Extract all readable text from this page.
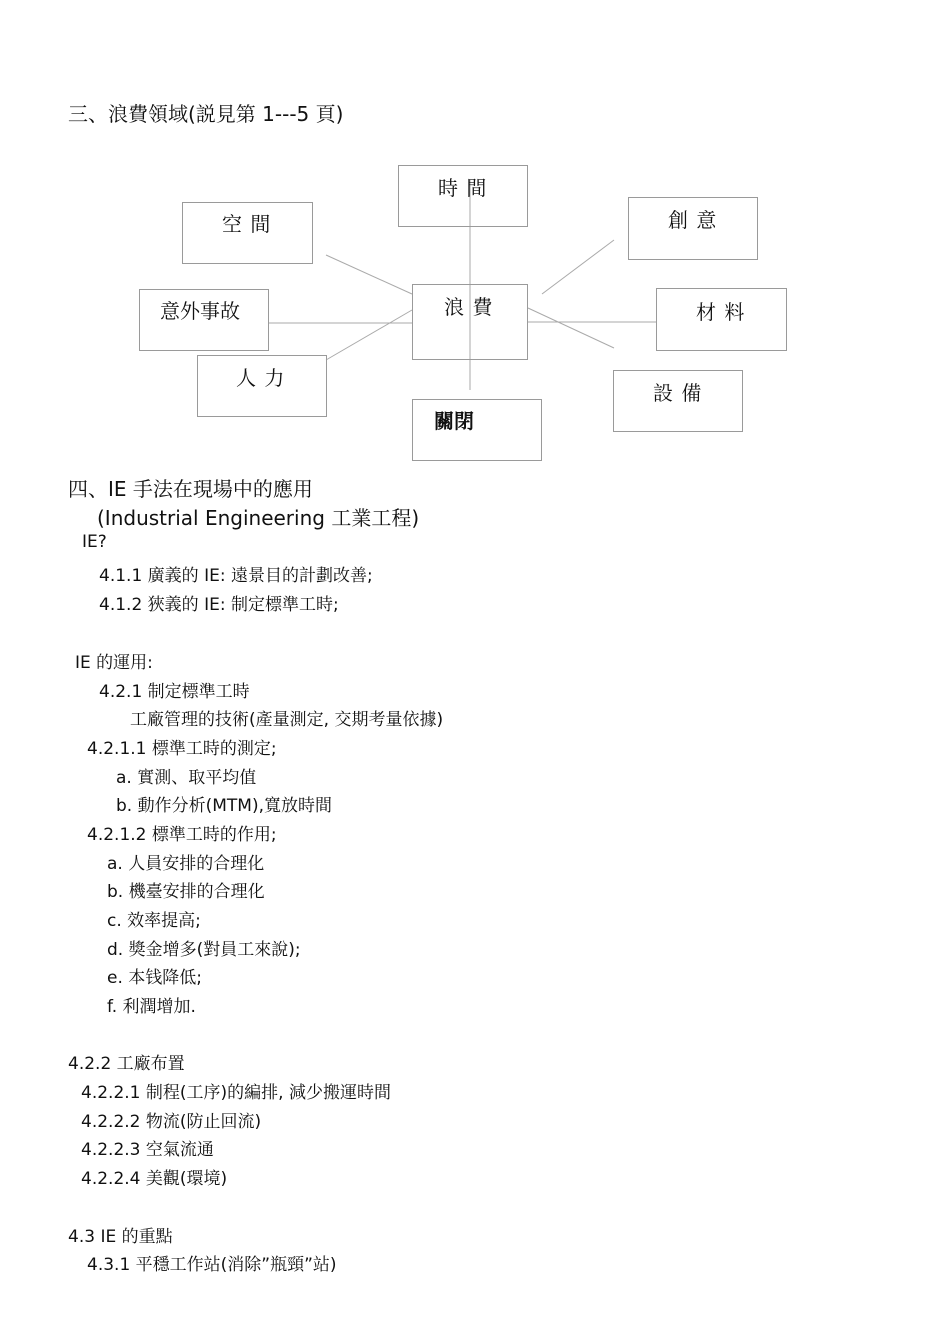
三、浪費領域(説見第 1---5 頁)
時 間
空 間	創 意
意外事故	浪 費	材 料
人 力
設 備
關閉
四、IE 手法在現場中的應用
(Industrial Engineering 工業工程)
IE?
4.1.1 廣義的 IE: 遠景目的計劃改善;
4.1.2 狹義的 IE: 制定標準工時;
IE 的運用:
4.2.1 制定標準工時
工廠管理的技術(產量測定, 交期考量依據)
4.2.1.1 標準工時的測定;
a. 實測、取平均值
b. 動作分析(MTM),寬放時間
4.2.1.2 標準工時的作用;
a. 人員安排的合理化
b. 機臺安排的合理化
c. 效率提高;
d. 獎金增多(對員工來說);
e. 本钱降低;
f. 利潤增加.
4.2.2 工廠布置
4.2.2.1 制程(工序)的編排, 減少搬運時間
4.2.2.2 物流(防止回流)
4.2.2.3 空氣流通
4.2.2.4 美觀(環境)
4.3 IE 的重點
4.3.1 平穩工作站(消除”瓶頸”站)
